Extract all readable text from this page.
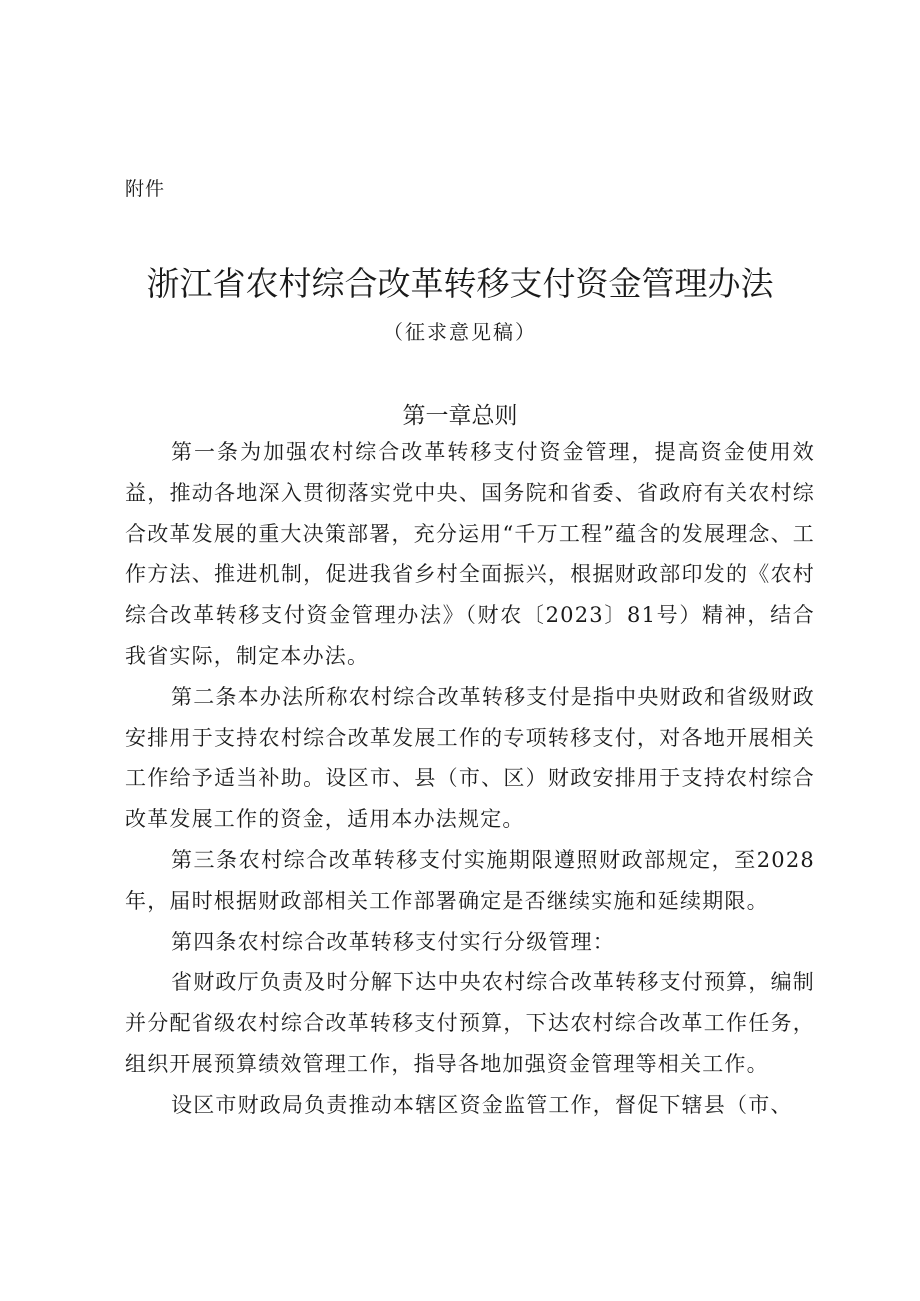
附件
浙江省农村综合改革转移支付资金管理办法
（征求意见稿）
第一章总则

第一条为加强农村综合改革转移支付资金管理，提高资金使用效益，推动各地深入贯彻落实党中央、国务院和省委、省政府有关农村综合改革发展的重大决策部署，充分运用“千万工程”蕴含的发展理念、工作方法、推进机制，促进我省乡村全面振兴，根据财政部印发的《农村综合改革转移支付资金管理办法》（财农〔2023〕81号）精神，结合我省实际，制定本办法。

第二条本办法所称农村综合改革转移支付是指中央财政和省级财政安排用于支持农村综合改革发展工作的专项转移支付，对各地开展相关工作给予适当补助。设区市、县（市、区）财政安排用于支持农村综合改革发展工作的资金，适用本办法规定。

第三条农村综合改革转移支付实施期限遵照财政部规定，至2028年，届时根据财政部相关工作部署确定是否继续实施和延续期限。

第四条农村综合改革转移支付实行分级管理：

省财政厅负责及时分解下达中央农村综合改革转移支付预算，编制并分配省级农村综合改革转移支付预算，下达农村综合改革工作任务，组织开展预算绩效管理工作，指导各地加强资金管理等相关工作。

设区市财政局负责推动本辖区资金监管工作，督促下辖县（市、
